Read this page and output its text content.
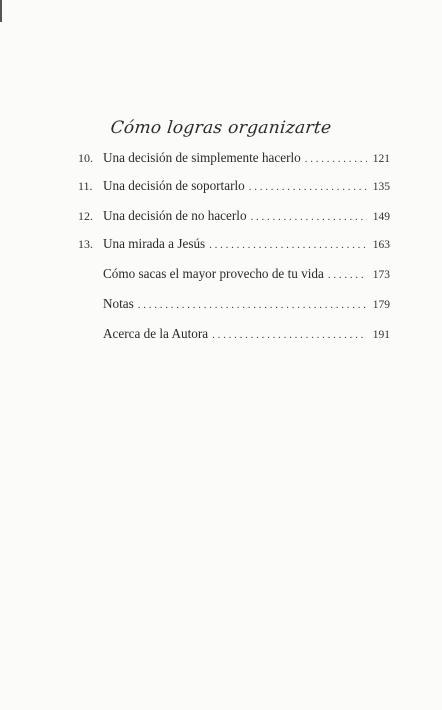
Cómo logras organizarte
10. Una decisión de simplemente hacerlo . . .	121
11. Una decisión de soportarlo . . .	135
12. Una decisión de no hacerlo . . .	149
13. Una mirada a Jesús . . .	163
Cómo sacas el mayor provecho de tu vida . . .	173
Notas . . .	179
Acerca de la Autora . . .	191
